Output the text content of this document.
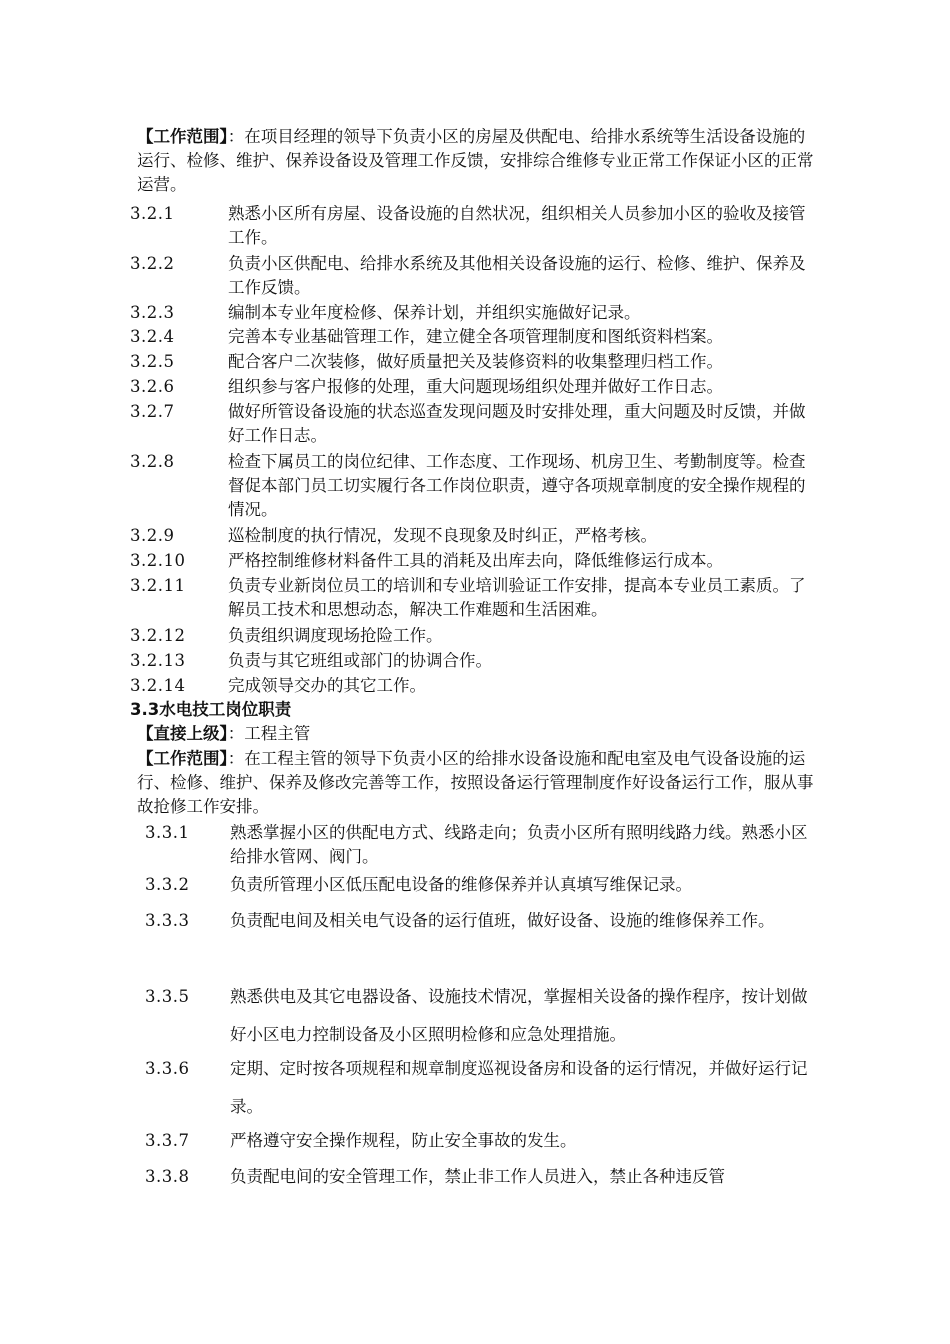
【工作范围】：在项目经理的领导下负责小区的房屋及供配电、给排水系统等生活设备设施的运行、检修、维护、保养设备设及管理工作反馈，安排综合维修专业正常工作保证小区的正常运营。
3.2.1	熟悉小区所有房屋、设备设施的自然状况，组织相关人员参加小区的验收及接管工作。
3.2.2	负责小区供配电、给排水系统及其他相关设备设施的运行、检修、维护、保养及工作反馈。
3.2.3	编制本专业年度检修、保养计划，并组织实施做好记录。
3.2.4	完善本专业基础管理工作，建立健全各项管理制度和图纸资料档案。
3.2.5	配合客户二次装修，做好质量把关及装修资料的收集整理归档工作。
3.2.6	组织参与客户报修的处理，重大问题现场组织处理并做好工作日志。
3.2.7	做好所管设备设施的状态巡查发现问题及时安排处理，重大问题及时反馈，并做好工作日志。
3.2.8	检查下属员工的岗位纪律、工作态度、工作现场、机房卫生、考勤制度等。检查督促本部门员工切实履行各工作岗位职责，遵守各项规章制度的安全操作规程的情况。
3.2.9	巡检制度的执行情况，发现不良现象及时纠正，严格考核。
3.2.10	严格控制维修材料备件工具的消耗及出库去向，降低维修运行成本。
3.2.11	负责专业新岗位员工的培训和专业培训验证工作安排，提高本专业员工素质。了解员工技术和思想动态，解决工作难题和生活困难。
3.2.12	负责组织调度现场抢险工作。
3.2.13	负责与其它班组或部门的协调合作。
3.2.14	完成领导交办的其它工作。
3.3水电技工岗位职责
【直接上级】：工程主管
【工作范围】：在工程主管的领导下负责小区的给排水设备设施和配电室及电气设备设施的运行、检修、维护、保养及修改完善等工作，按照设备运行管理制度作好设备运行工作，服从事故抢修工作安排。
3.3.1	熟悉掌握小区的供配电方式、线路走向；负责小区所有照明线路力线。熟悉小区给排水管网、阀门。
3.3.2	负责所管理小区低压配电设备的维修保养并认真填写维保记录。
3.3.3	负责配电间及相关电气设备的运行值班，做好设备、设施的维修保养工作。
3.3.5	熟悉供电及其它电器设备、设施技术情况，掌握相关设备的操作程序，按计划做好小区电力控制设备及小区照明检修和应急处理措施。
3.3.6	定期、定时按各项规程和规章制度巡视设备房和设备的运行情况，并做好运行记录。
3.3.7	严格遵守安全操作规程，防止安全事故的发生。
3.3.8	负责配电间的安全管理工作，禁止非工作人员进入，禁止各种违反管
